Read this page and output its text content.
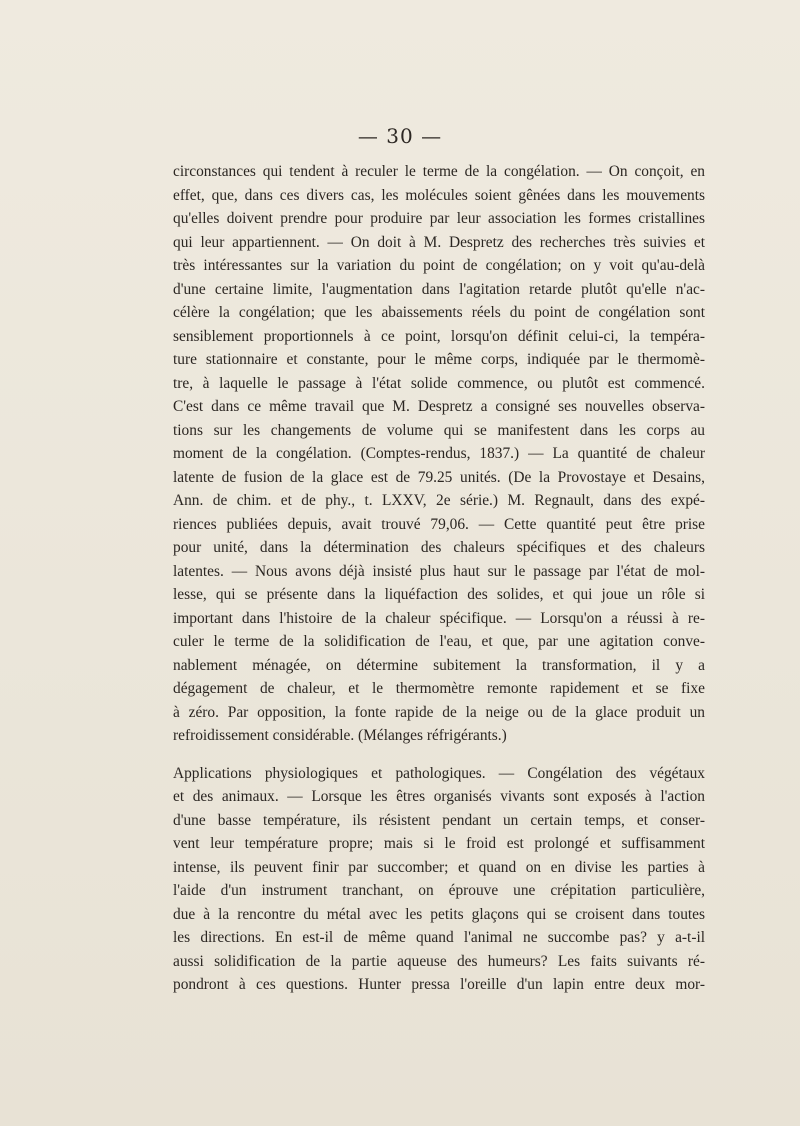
— 30 —
circonstances qui tendent à reculer le terme de la congélation. — On conçoit, en
effet, que, dans ces divers cas, les molécules soient gênées dans les mouvements
qu'elles doivent prendre pour produire par leur association les formes cristallines
qui leur appartiennent. — On doit à M. Despretz des recherches très suivies et
très intéressantes sur la variation du point de congélation; on y voit qu'au-delà
d'une certaine limite, l'augmentation dans l'agitation retarde plutôt qu'elle n'ac-
célère la congélation; que les abaissements réels du point de congélation sont
sensiblement proportionnels à ce point, lorsqu'on définit celui-ci, la tempéra-
ture stationnaire et constante, pour le même corps, indiquée par le thermomè-
tre, à laquelle le passage à l'état solide commence, ou plutôt est commencé.
C'est dans ce même travail que M. Despretz a consigné ses nouvelles observa-
tions sur les changements de volume qui se manifestent dans les corps au
moment de la congélation. (Comptes-rendus, 1837.) — La quantité de chaleur
latente de fusion de la glace est de 79.25 unités. (De la Provostaye et Desains,
Ann. de chim. et de phy., t. LXXV, 2e série.) M. Regnault, dans des expé-
riences publiées depuis, avait trouvé 79,06. — Cette quantité peut être prise
pour unité, dans la détermination des chaleurs spécifiques et des chaleurs
latentes. — Nous avons déjà insisté plus haut sur le passage par l'état de mol-
lesse, qui se présente dans la liquéfaction des solides, et qui joue un rôle si
important dans l'histoire de la chaleur spécifique. — Lorsqu'on a réussi à re-
culer le terme de la solidification de l'eau, et que, par une agitation conve-
nablement ménagée, on détermine subitement la transformation, il y a
dégagement de chaleur, et le thermomètre remonte rapidement et se fixe
à zéro. Par opposition, la fonte rapide de la neige ou de la glace produit un
refroidissement considérable. (Mélanges réfrigérants.)
Applications physiologiques et pathologiques. — Congélation des végétaux
et des animaux. — Lorsque les êtres organisés vivants sont exposés à l'action
d'une basse température, ils résistent pendant un certain temps, et conser-
vent leur température propre; mais si le froid est prolongé et suffisamment
intense, ils peuvent finir par succomber; et quand on en divise les parties à
l'aide d'un instrument tranchant, on éprouve une crépitation particulière,
due à la rencontre du métal avec les petits glaçons qui se croisent dans toutes
les directions. En est-il de même quand l'animal ne succombe pas? y a-t-il
aussi solidification de la partie aqueuse des humeurs? Les faits suivants ré-
pondront à ces questions. Hunter pressa l'oreille d'un lapin entre deux mor-
